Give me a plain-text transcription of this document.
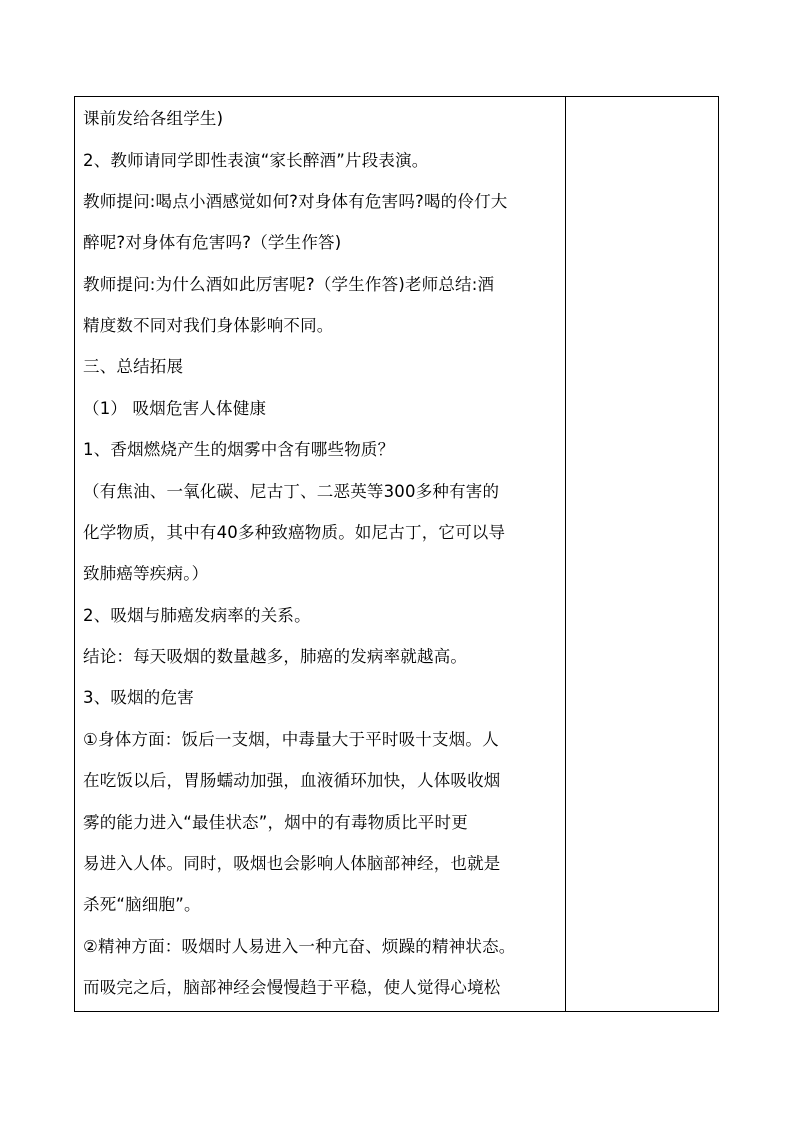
课前发给各组学生)
2、教师请同学即性表演“家长醉酒”片段表演。
教师提问:喝点小酒感觉如何?对身体有危害吗?喝的伶仃大
醉呢?对身体有危害吗?（学生作答)
教师提问:为什么酒如此厉害呢?（学生作答)老师总结:酒
精度数不同对我们身体影响不同。
三、总结拓展
（1） 吸烟危害人体健康
1、香烟燃烧产生的烟雾中含有哪些物质？
（有焦油、一氧化碳、尼古丁、二恶英等300多种有害的
化学物质，其中有40多种致癌物质。如尼古丁，它可以导
致肺癌等疾病。）
2、吸烟与肺癌发病率的关系。
结论：每天吸烟的数量越多，肺癌的发病率就越高。
3、吸烟的危害
①身体方面：饭后一支烟，中毒量大于平时吸十支烟。人
在吃饭以后，胃肠蠕动加强，血液循环加快，人体吸收烟
雾的能力进入“最佳状态”，烟中的有毒物质比平时更
易进入人体。同时，吸烟也会影响人体脑部神经，也就是
杀死“脑细胞”。
②精神方面：吸烟时人易进入一种亢奋、烦躁的精神状态。
而吸完之后，脑部神经会慢慢趋于平稳，使人觉得心境松
